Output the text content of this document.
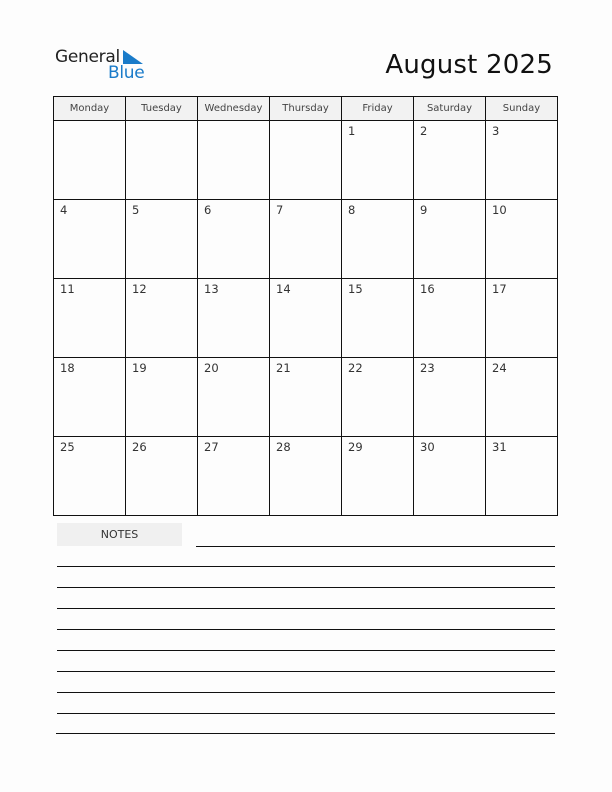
General
Blue	August 2025
Monday	Tuesday	Wednesday	Thursday	Friday	Saturday	Sunday
				1	2	3
4	5	6	7	8	9	10
11	12	13	14	15	16	17
18	19	20	21	22	23	24
25	26	27	28	29	30	31
NOTES
